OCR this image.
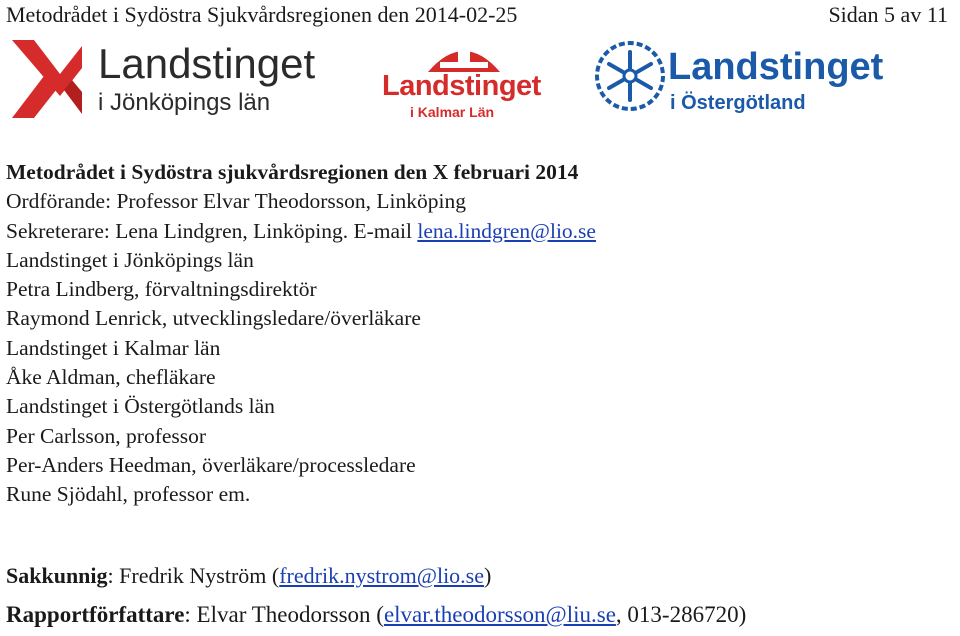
Metodrådet i Sydöstra Sjukvårdsregionen den 2014-02-25	Sidan 5 av 11
Landstinget
i Jönköpings län
Landstinget
i Kalmar Län
Landstinget
i Östergötland
Metodrådet i Sydöstra sjukvårdsregionen den X februari 2014
Ordförande: Professor Elvar Theodorsson, Linköping
Sekreterare: Lena Lindgren, Linköping. E-mail lena.lindgren@lio.se
Landstinget i Jönköpings län
Petra Lindberg, förvaltningsdirektör
Raymond Lenrick, utvecklingsledare/överläkare
Landstinget i Kalmar län
Åke Aldman, chefläkare
Landstinget i Östergötlands län
Per Carlsson, professor
Per-Anders Heedman, överläkare/processledare
Rune Sjödahl, professor em.
Sakkunnig: Fredrik Nyström (fredrik.nystrom@lio.se)
Rapportförfattare: Elvar Theodorsson (elvar.theodorsson@liu.se, 013-286720)
